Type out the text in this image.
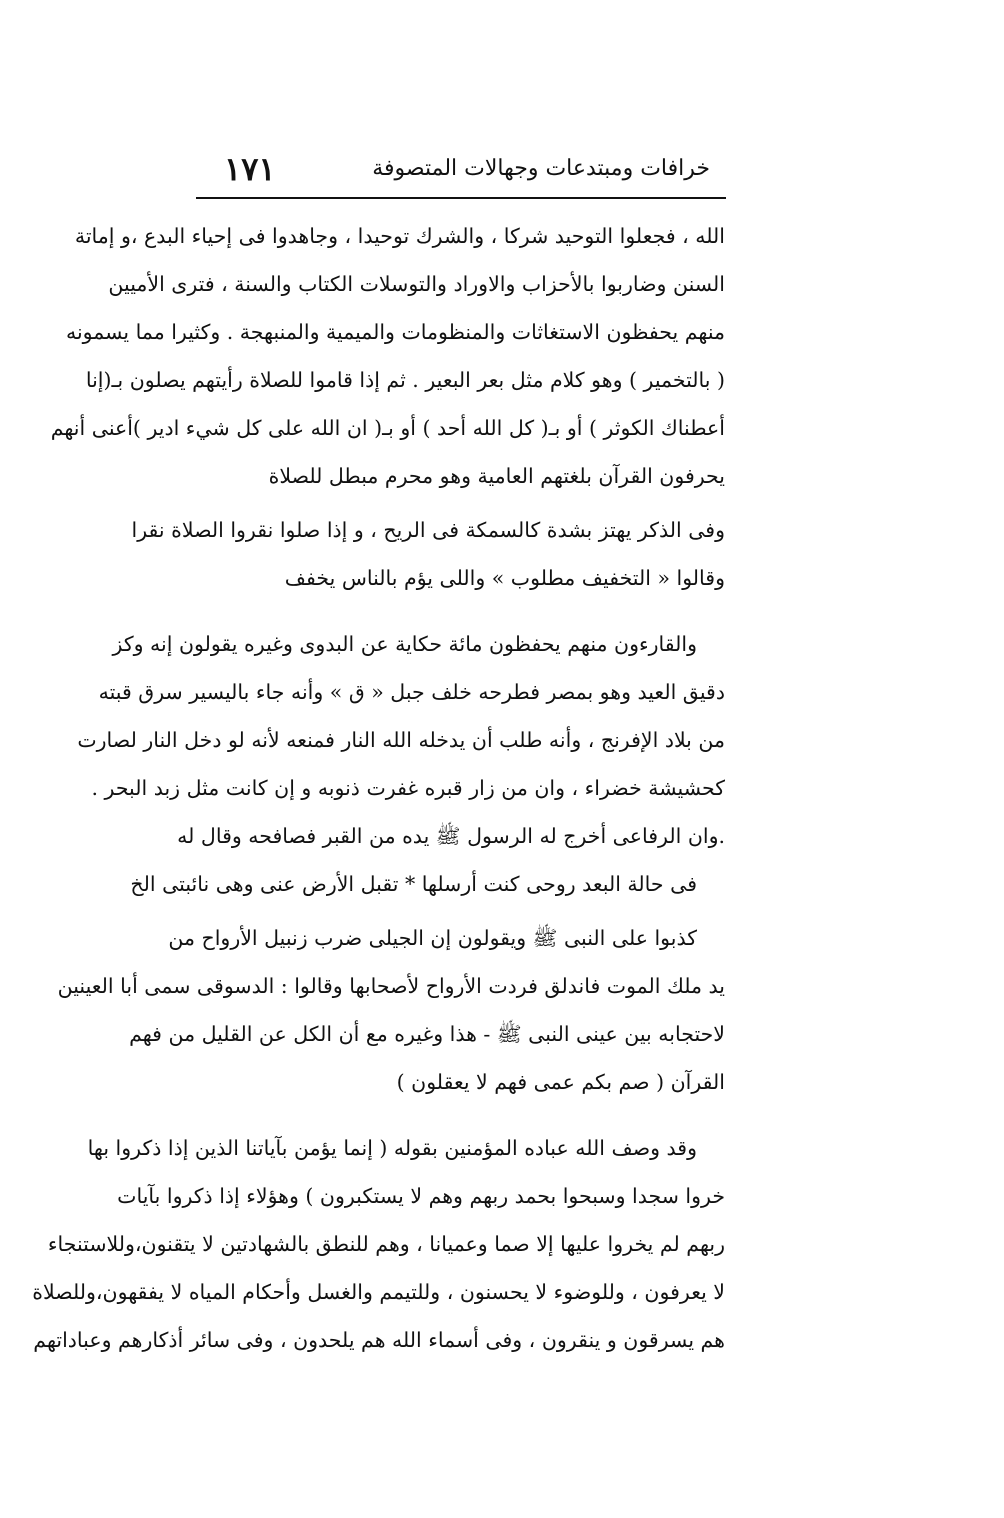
خرافات ومبتدعات وجهالات المتصوفة
١٧١
الله ، فجعلوا التوحيد شركا ، والشرك توحيدا ، وجاهدوا فى إحياء البدع ،و إماتة
السنن وضاربوا بالأحزاب والاوراد والتوسلات الكتاب والسنة ، فترى الأميين
منهم يحفظون الاستغاثات والمنظومات والميمية والمنبهجة . وكثيرا مما يسمونه
( بالتخمير ) وهو كلام مثل بعر البعير . ثم إذا قاموا للصلاة رأيتهم يصلون بـ(إنا
أعطناك الكوثر ) أو بـ( كل الله أحد ) أو بـ( ان الله على كل شيء ادير )أعنى أنهم
يحرفون القرآن بلغتهم العامية وهو محرم مبطل للصلاة
وفى الذكر يهتز بشدة كالسمكة فى الريح ، و إذا صلوا نقروا الصلاة نقرا
وقالوا « التخفيف مطلوب » واللى يؤم بالناس يخفف
والقارءون منهم يحفظون مائة حكاية عن البدوى وغيره يقولون إنه وكز
دقيق العيد وهو بمصر فطرحه خلف جبل « ق » وأنه جاء باليسير سرق قبته
من بلاد الإفرنج ، وأنه طلب أن يدخله الله النار فمنعه لأنه لو دخل النار لصارت
كحشيشة خضراء ، وان من زار قبره غفرت ذنوبه و إن كانت مثل زبد البحر .
.وان الرفاعى أخرج له الرسول ﷺ يده من القبر فصافحه وقال له
فى حالة البعد روحى كنت أرسلها * تقبل الأرض عنى وهى نائبتى الخ
كذبوا على النبى ﷺ ويقولون إن الجيلى ضرب زنبيل الأرواح من
يد ملك الموت فاندلق فردت الأرواح لأصحابها وقالوا : الدسوقى سمى أبا العينين
لاحتجابه بين عينى النبى ﷺ - هذا وغيره مع أن الكل عن القليل من فهم
القرآن ( صم بكم عمى فهم لا يعقلون )
وقد وصف الله عباده المؤمنين بقوله ( إنما يؤمن بآياتنا الذين إذا ذكروا بها
خروا سجدا وسبحوا بحمد ربهم وهم لا يستكبرون ) وهؤلاء إذا ذكروا بآيات
ربهم لم يخروا عليها إلا صما وعميانا ، وهم للنطق بالشهادتين لا يتقنون،وللاستنجاء
لا يعرفون ، وللوضوء لا يحسنون ، وللتيمم والغسل وأحكام المياه لا يفقهون،وللصلاة
هم يسرقون و ينقرون ، وفى أسماء الله هم يلحدون ، وفى سائر أذكارهم وعباداتهم
